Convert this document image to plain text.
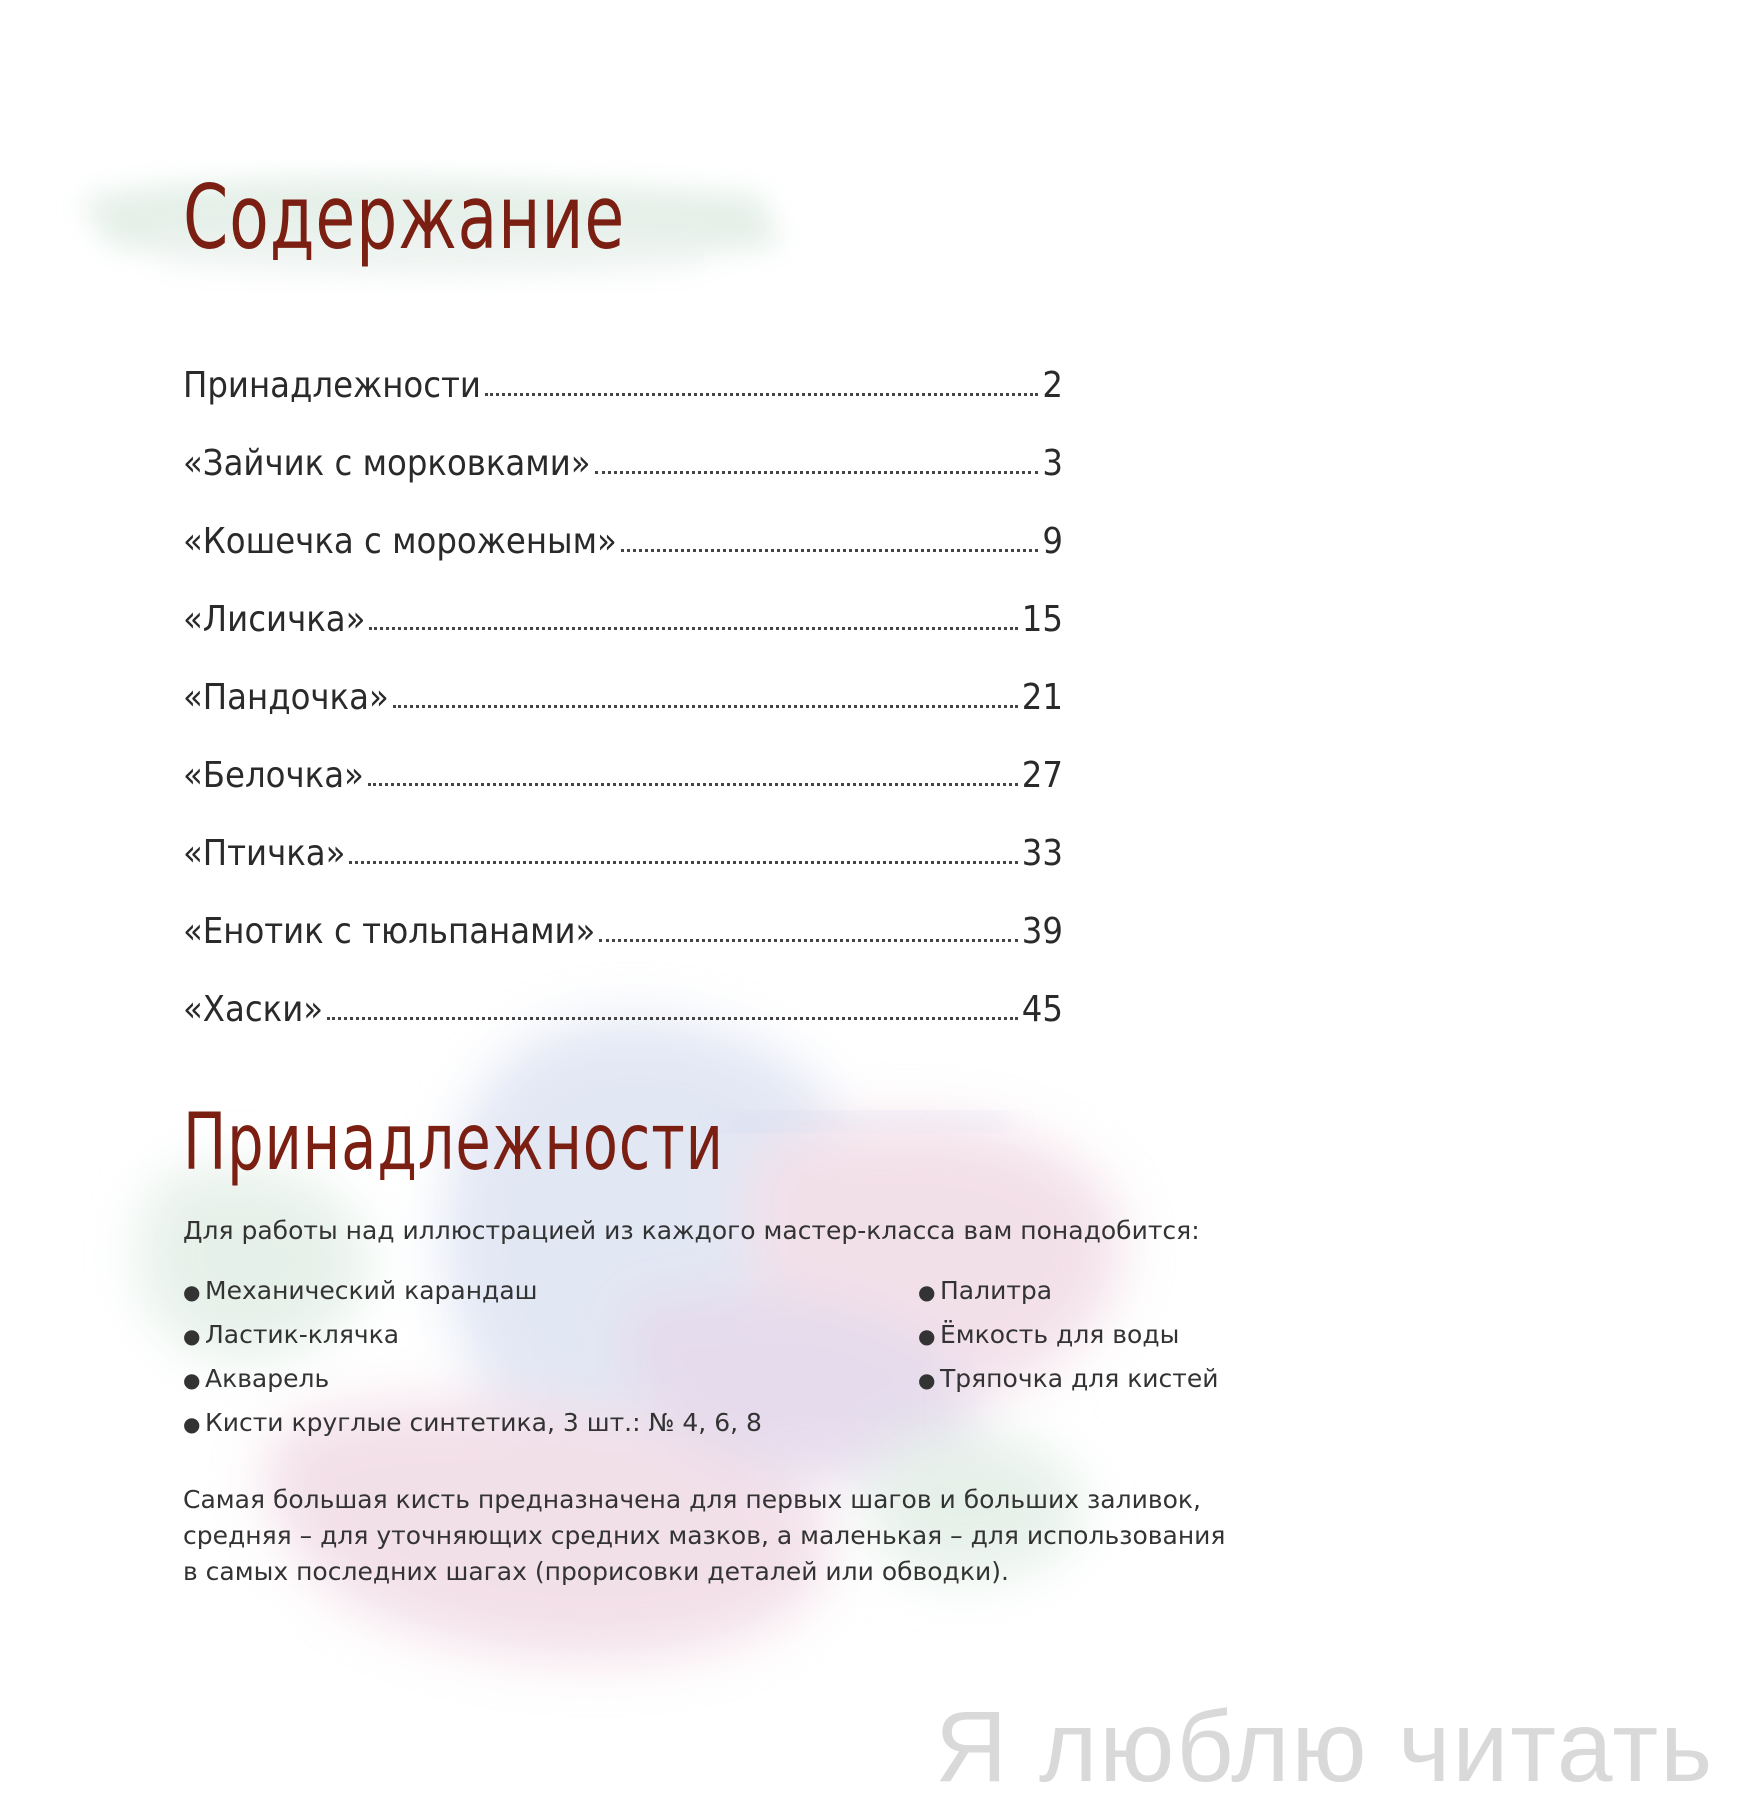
Содержание
Принадлежности	2
«Зайчик с морковками»	3
«Кошечка с мороженым»	9
«Лисичка»	15
«Пандочка»	21
«Белочка»	27
«Птичка»	33
«Енотик с тюльпанами»	39
«Хаски»	45
Принадлежности

Для работы над иллюстрацией из каждого мастер-класса вам понадобится:

● Механический карандаш
● Ластик-клячка
● Акварель
● Кисти круглые синтетика, 3 шт.: № 4, 6, 8
● Палитра
● Ёмкость для воды
● Тряпочка для кистей

Самая большая кисть предназначена для первых шагов и больших заливок,
средняя – для уточняющих средних мазков, а маленькая – для использования
в самых последних шагах (прорисовки деталей или обводки).

Я люблю читать
